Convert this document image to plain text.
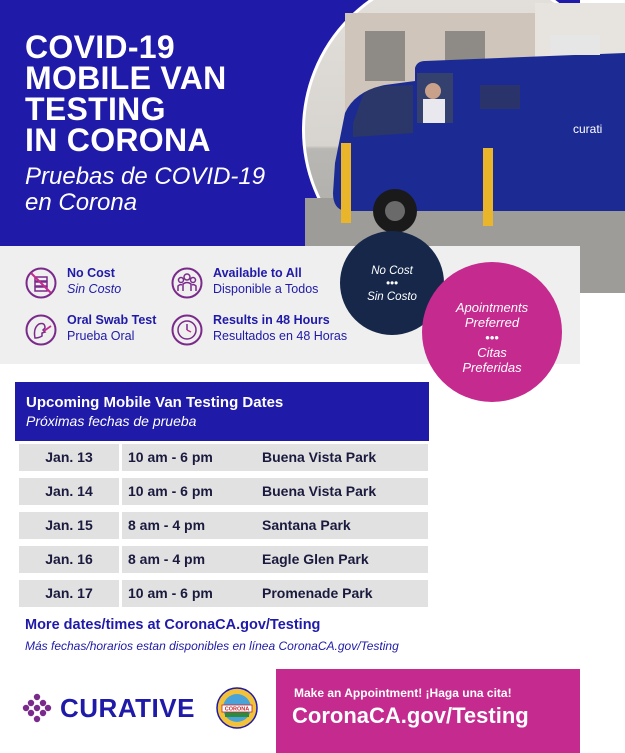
COVID-19
MOBILE VAN
TESTING
IN CORONA
Pruebas de COVID-19
en Corona
curati
No Cost
Sin Costo
Available to All
Disponible a Todos
Oral Swab Test
Prueba Oral
Results in 48 Hours
Resultados en 48 Horas
No Cost
•••
Sin Costo
Apointments
Preferred
•••
Citas
Preferidas
Upcoming Mobile Van Testing Dates
Próximas fechas de prueba
Jan. 13	10 am - 6 pm	Buena Vista Park
Jan. 14	10 am - 6 pm	Buena Vista Park
Jan. 15	8 am - 4 pm	Santana Park
Jan. 16	8 am - 4 pm	Eagle Glen Park
Jan. 17	10 am - 6 pm	Promenade Park
More dates/times at CoronaCA.gov/Testing
Más fechas/horarios estan disponibles en línea CoronaCA.gov/Testing
CURATIVE	CORONA
Make an Appointment! ¡Haga una cita!
CoronaCA.gov/Testing
